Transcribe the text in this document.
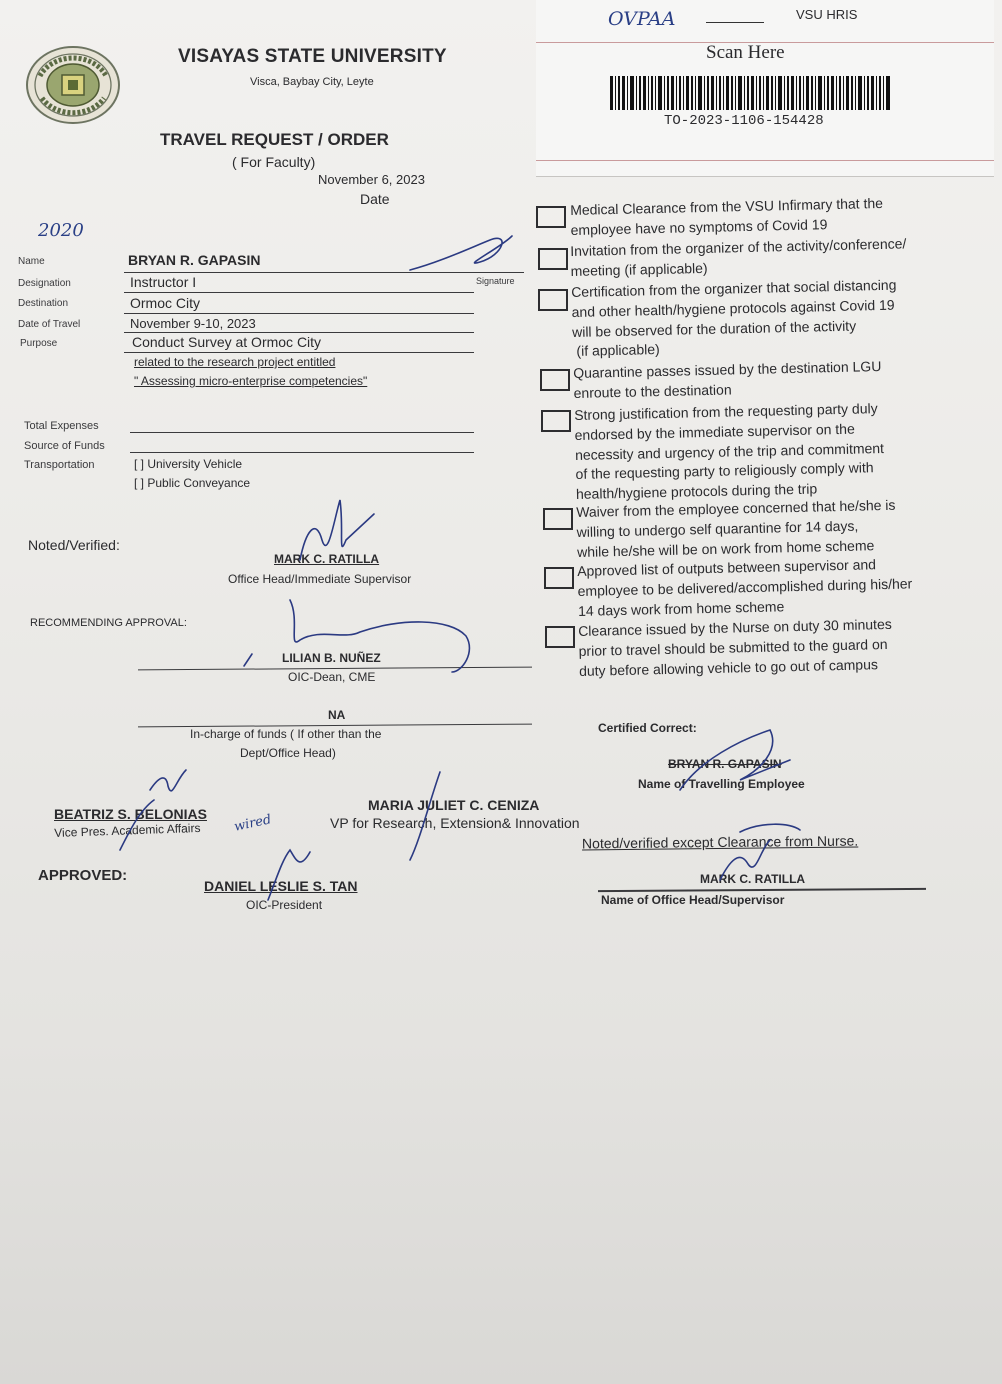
VISAYAS STATE UNIVERSITY
Visca, Baybay City, Leyte
TRAVEL REQUEST / ORDER
( For Faculty)
November 6, 2023
Date
2020
OVPAA	VSU HRIS
Scan Here
TO-2023-1106-154428
Name	BRYAN R. GAPASIN
Signature
Designation	Instructor I
Destination	Ormoc City
Date of Travel	November 9-10, 2023
Purpose	Conduct Survey at Ormoc City
related to the research project entitled
" Assessing micro-enterprise competencies"
Total Expenses
Source of Funds
Transportation	[ ] University Vehicle
[ ] Public Conveyance
Noted/Verified:
MARK C. RATILLA
Office Head/Immediate Supervisor
RECOMMENDING APPROVAL:
LILIAN B. NUÑEZ
OIC-Dean, CME
NA
In-charge of funds ( If other than the
Dept/Office Head)
BEATRIZ S. BELONIAS
Vice Pres. Academic Affairs wired
MARIA JULIET C. CENIZA
VP for Research, Extension& Innovation
APPROVED:
DANIEL LESLIE S. TAN
OIC-President
Medical Clearance from the VSU Infirmary that the
employee have no symptoms of Covid 19
Invitation from the organizer of the activity/conference/
meeting (if applicable)
Certification from the organizer that social distancing
and other health/hygiene protocols against Covid 19
will be observed for the duration of the activity
(if applicable)
Quarantine passes issued by the destination LGU
enroute to the destination
Strong justification from the requesting party duly
endorsed by the immediate supervisor on the
necessity and urgency of the trip and commitment
of the requesting party to religiously comply with
health/hygiene protocols during the trip
Waiver from the employee concerned that he/she is
willing to undergo self quarantine for 14 days,
while he/she will be on work from home scheme
Approved list of outputs between supervisor and
employee to be delivered/accomplished during his/her
14 days work from home scheme
Clearance issued by the Nurse on duty 30 minutes
prior to travel should be submitted to the guard on
duty before allowing vehicle to go out of campus
Certified Correct:
BRYAN R. GAPASIN
Name of Travelling Employee
Noted/verified except Clearance from Nurse.
MARK C. RATILLA
Name of Office Head/Supervisor
